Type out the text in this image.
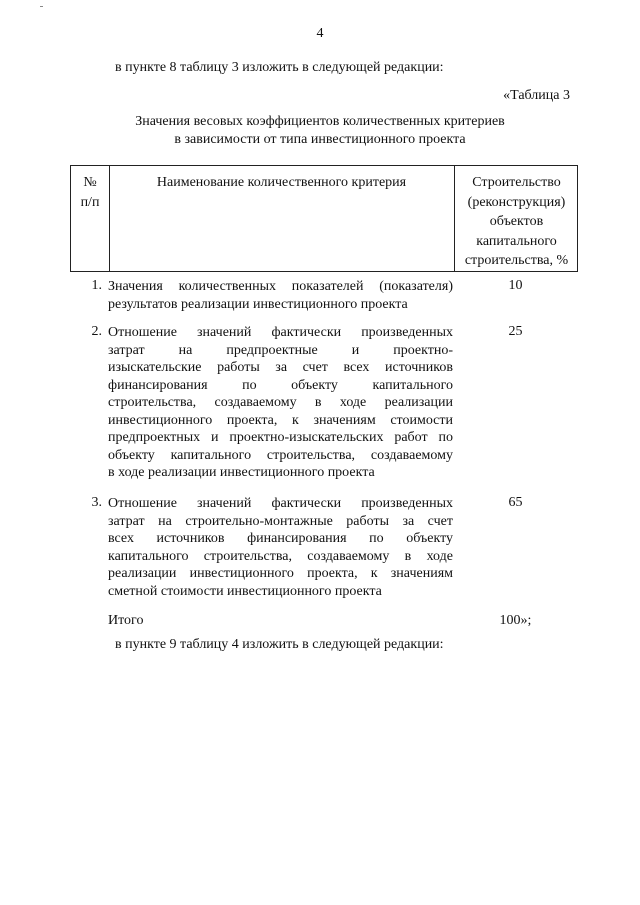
4
в пункте 8 таблицу 3 изложить в следующей редакции:
«Таблица 3
Значения весовых коэффициентов количественных критериев
в зависимости от типа инвестиционного проекта
№
п/п
Наименование количественного критерия	Строительство
(реконструкция)
объектов
капитального
строительства, %
1. Значения количественных показателей (показателя)
результатов реализации инвестиционного проекта
10
2. Отношение значений фактически произведенных
затрат на предпроектные и проектно-
изыскательские работы за счет всех источников
финансирования по объекту капитального
строительства, создаваемому в ходе реализации
инвестиционного проекта, к значениям стоимости
предпроектных и проектно-изыскательских работ по
объекту капитального строительства, создаваемому
в ходе реализации инвестиционного проекта
25
3. Отношение значений фактически произведенных
затрат на строительно-монтажные работы за счет
всех источников финансирования по объекту
капитального строительства, создаваемому в ходе
реализации инвестиционного проекта, к значениям
сметной стоимости инвестиционного проекта
65
Итого	100»;
в пункте 9 таблицу 4 изложить в следующей редакции:
